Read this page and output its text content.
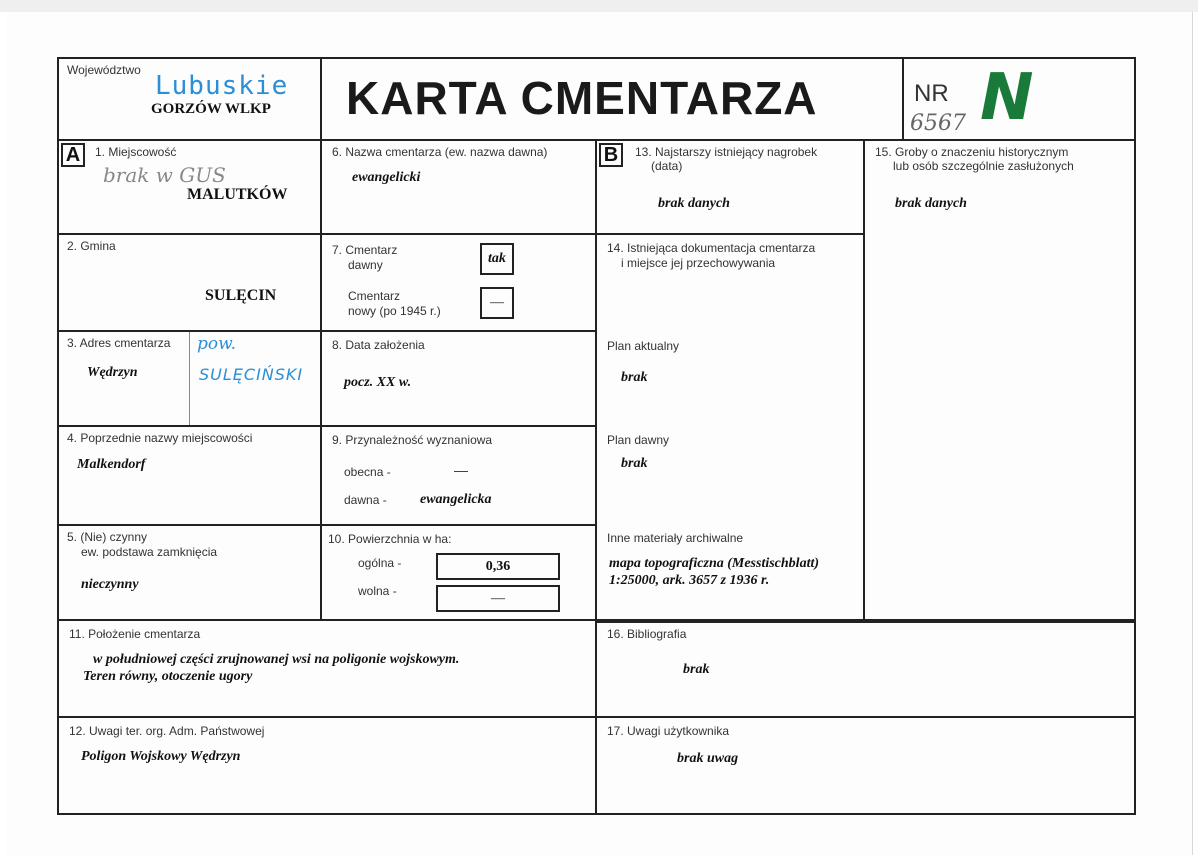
Województwo
Lubuskie
GORZÓW WLKP KARTA CMENTARZA	NR
6567 N
A	1. Miejscowość
brak w GUS
MALUTKÓW
6. Nazwa cmentarza (ew. nazwa dawna)
ewangelicki
B	13. Najstarszy istniejący nagrobek
(data)
brak danych
15. Groby o znaczeniu historycznym
lub osób szczególnie zasłużonych
brak danych
2. Gmina
SULĘCIN
7. Cmentarz
dawny	tak
Cmentarz
nowy (po 1945 r.)
—
14. Istniejąca dokumentacja cmentarza
i miejsce jej przechowywania
Plan aktualny
brak
Plan dawny
brak
Inne materiały archiwalne
mapa topograficzna (Messtischblatt)
1:25000, ark. 3657 z 1936 r.
3. Adres cmentarza
Wędrzyn
pow.
SULĘCIŃSKI
8. Data założenia
pocz. XX w.
4. Poprzednie nazwy miejscowości
Malkendorf
9. Przynależność wyznaniowa
obecna -	—
dawna - ewangelicka
5. (Nie) czynny
ew. podstawa zamknięcia
nieczynny
10. Powierzchnia w ha:
ogólna -	0,36
wolna -	—
11. Położenie cmentarza
w południowej części zrujnowanej wsi na poligonie wojskowym.
Teren równy, otoczenie ugory
16. Bibliografia
brak
12. Uwagi ter. org. Adm. Państwowej
Poligon Wojskowy Wędrzyn
17. Uwagi użytkownika
brak uwag
